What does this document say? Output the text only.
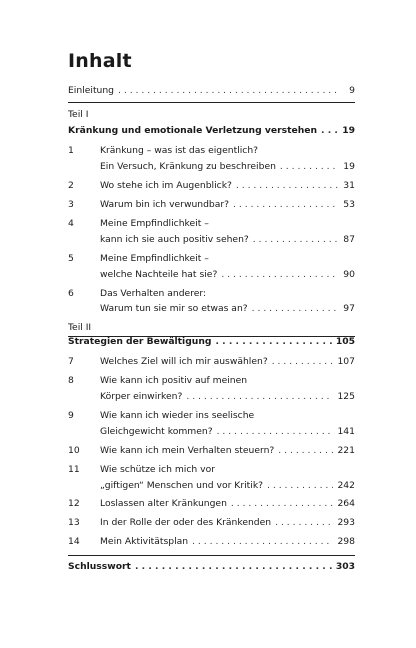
Inhalt
Einleitung . . .	9
Teil I
Kränkung und emotionale Verletzung verstehen . . .	19
1	Kränkung – was ist das eigentlich?
Ein Versuch, Kränkung zu beschreiben . . .	19
2	Wo stehe ich im Augenblick? . . .	31
3	Warum bin ich verwundbar? . . .	53
4	Meine Empfindlichkeit –
kann ich sie auch positiv sehen? . . .	87
5	Meine Empfindlichkeit –
welche Nachteile hat sie? . . .	90
6	Das Verhalten anderer:
Warum tun sie mir so etwas an? . . .	97
Teil II
Strategien der Bewältigung . . .	105
7	Welches Ziel will ich mir auswählen? . . .	107
8	Wie kann ich positiv auf meinen
Körper einwirken? . . .	125
9	Wie kann ich wieder ins seelische
Gleichgewicht kommen? . . .	141
10	Wie kann ich mein Verhalten steuern? . . .	221
11	Wie schütze ich mich vor
„giftigen“ Menschen und vor Kritik? . . .	242
12	Loslassen alter Kränkungen . . .	264
13	In der Rolle der oder des Kränkenden . . .	293
14	Mein Aktivitätsplan . . .	298
Schlusswort . . .	303
